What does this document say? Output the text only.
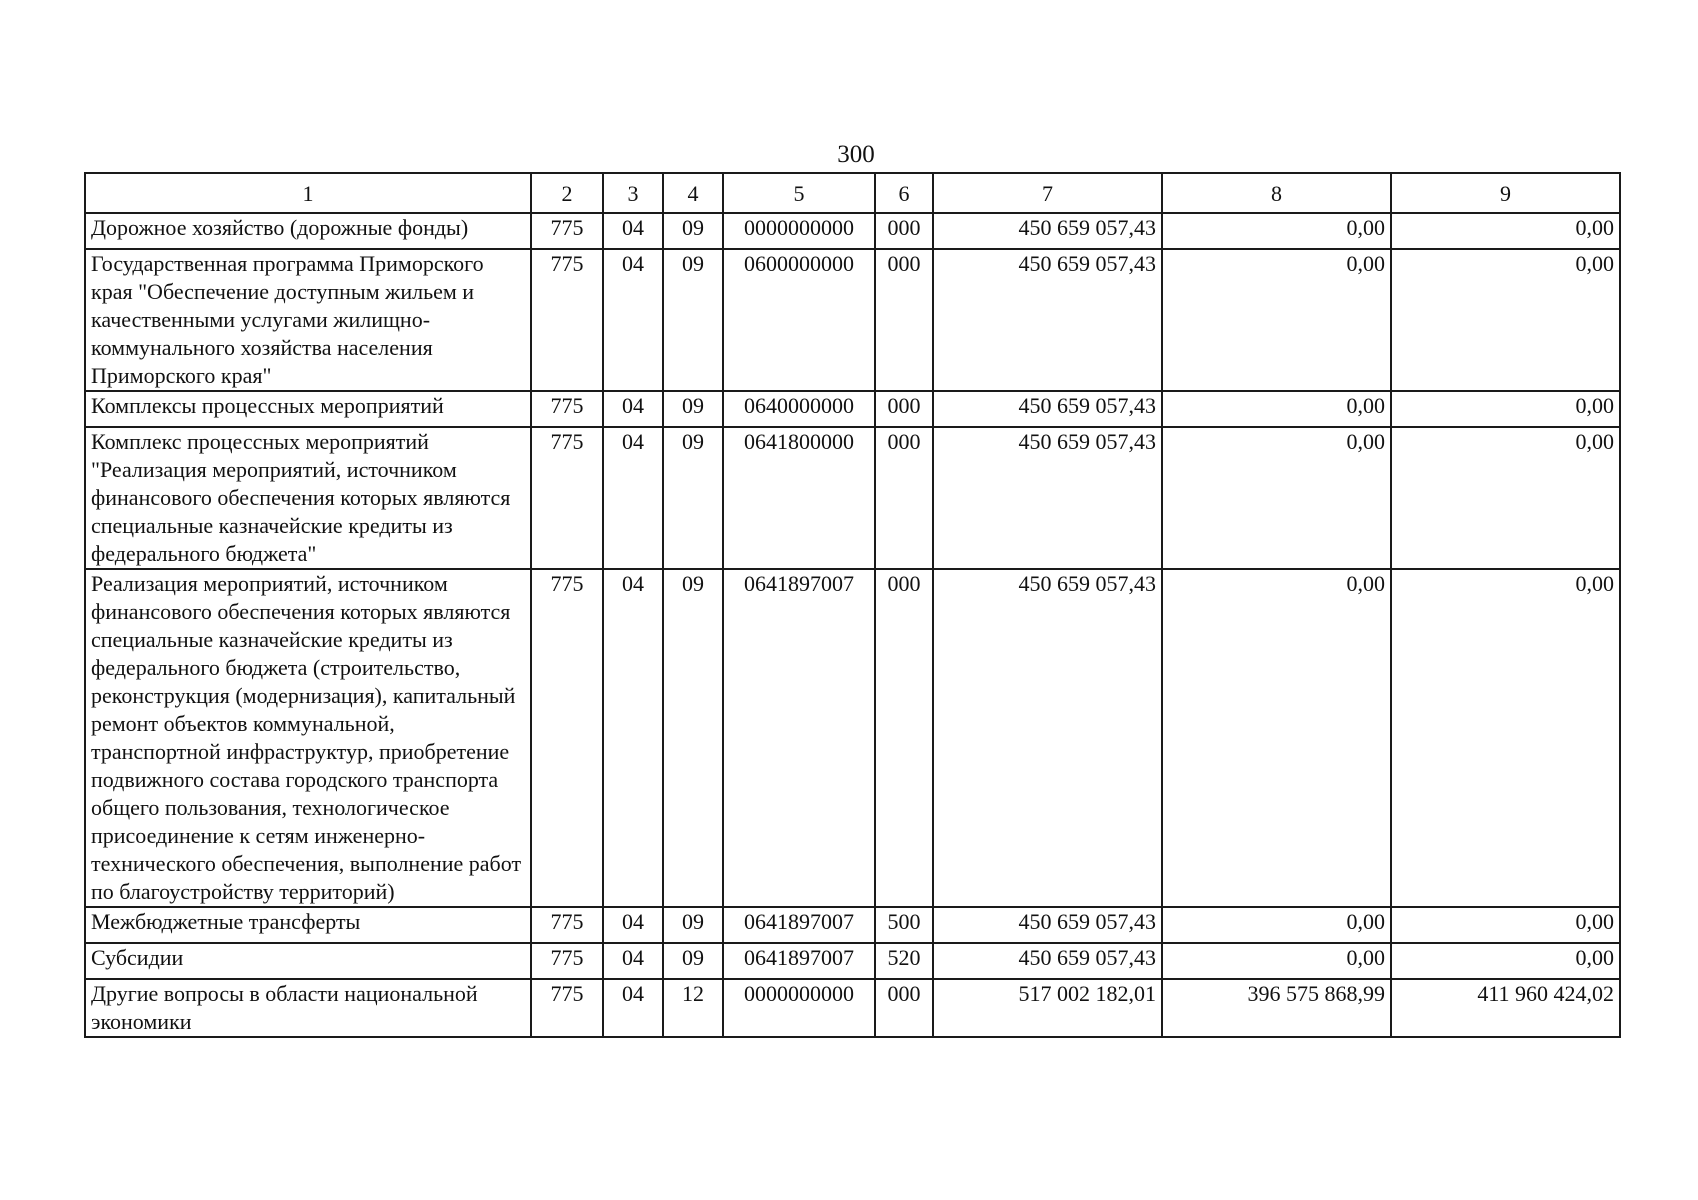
300
1	2	3	4	5	6	7	8	9
Дорожное хозяйство (дорожные фонды)	775	04	09	0000000000	000	450 659 057,43	0,00	0,00
Государственная программа Приморского края "Обеспечение доступным жильем и качественными услугами жилищно-коммунального хозяйства населения Приморского края"	775	04	09	0600000000	000	450 659 057,43	0,00	0,00
Комплексы процессных мероприятий	775	04	09	0640000000	000	450 659 057,43	0,00	0,00
Комплекс процессных мероприятий "Реализация мероприятий, источником финансового обеспечения которых являются специальные казначейские кредиты из федерального бюджета"	775	04	09	0641800000	000	450 659 057,43	0,00	0,00
Реализация мероприятий, источником финансового обеспечения которых являются специальные казначейские кредиты из федерального бюджета (строительство, реконструкция (модернизация), капитальный ремонт объектов коммунальной, транспортной инфраструктур, приобретение подвижного состава городского транспорта общего пользования, технологическое присоединение к сетям инженерно-технического обеспечения, выполнение работ по благоустройству территорий)	775	04	09	0641897007	000	450 659 057,43	0,00	0,00
Межбюджетные трансферты	775	04	09	0641897007	500	450 659 057,43	0,00	0,00
Субсидии	775	04	09	0641897007	520	450 659 057,43	0,00	0,00
Другие вопросы в области национальной экономики	775	04	12	0000000000	000	517 002 182,01	396 575 868,99	411 960 424,02
